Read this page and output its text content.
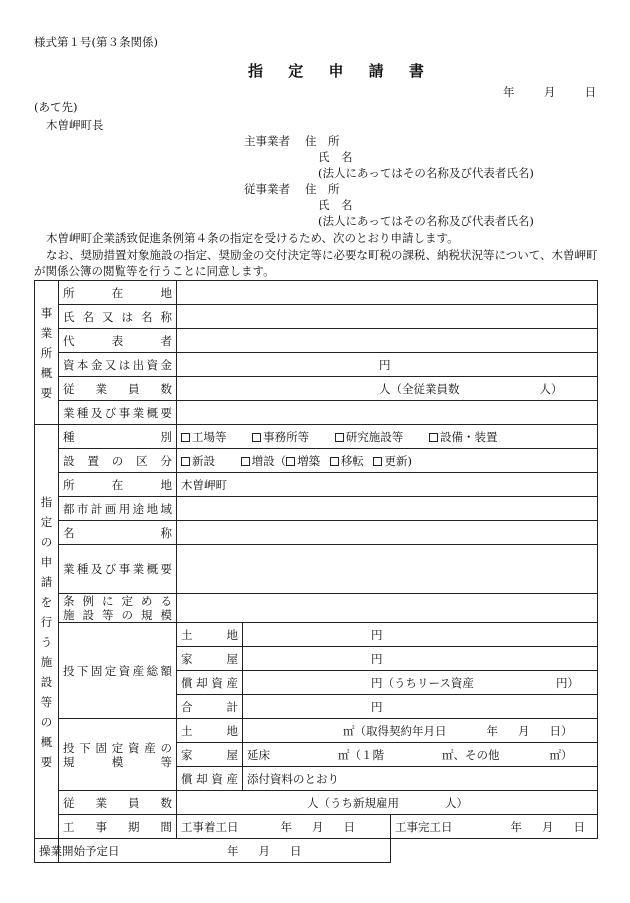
様式第１号(第３条関係)
指 定 申 請 書
年	月	日
(あて先)
木曽岬町長
主事業者 住　所
氏　名
(法人にあってはその名称及び代表者氏名)
従事業者 住　所
氏　名
(法人にあってはその名称及び代表者氏名)
木曽岬町企業誘致促進条例第４条の指定を受けるため、次のとおり申請します。
なお、奨励措置対象施設の指定、奨励金の交付決定等に必要な町税の課税、納税状況等について、木曽岬町
が関係公簿の閲覧等を行うことに同意します。
事業所概要	所在地			
	氏名又は名称			
	代表者			
	資本金又は出資金	円		
	従業員数	人（全従業員数 人）		
	業種及び事業概要			

指定の申請を行う施設等の概要	種別	工場等 事務所等 研究施設等 設備・装置		
	設置の区分	新設 増設（ 増築 移転 更新)		
	所在地	木曽岬町		
	都市計画用途地域			
	名称			
	業種及び事業概要			

	条例に定める
施設等の規模			

	投下固定資産総額	土地	円	
		家屋	円	
		償却資産	円（うちリース資産 円）	
		合計	円	

	投下固定資産の
規模等	土地	㎡（取得契約年月日 年 月 日）	
		家屋	延床 ㎡（１階 ㎡、その他 ㎡）	
		償却資産	添付資料のとおり	
	従業員数	人（うち新規雇用 人）		
	工事期間	工事着工日 年 月 日		工事完工日 年 月 日
操業開始予定日	年 月 日			
